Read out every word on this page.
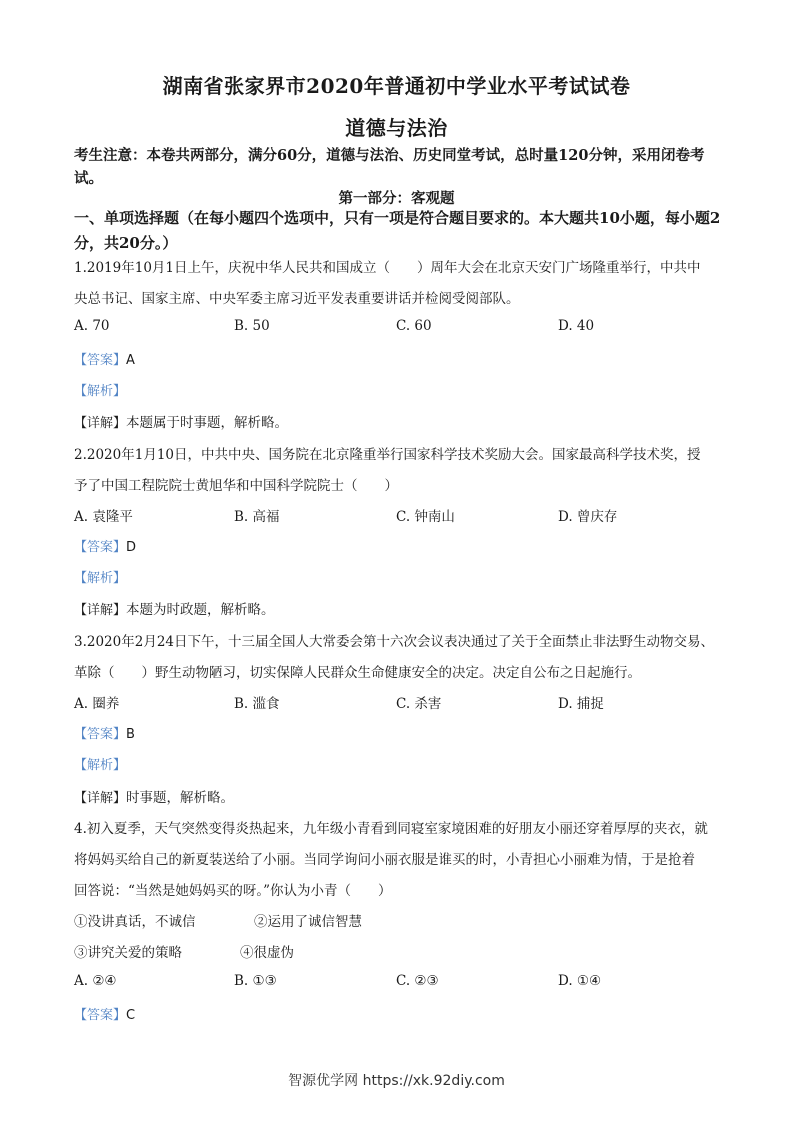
湖南省张家界市2020年普通初中学业水平考试试卷
道德与法治
考生注意：本卷共两部分，满分60分，道德与法治、历史同堂考试，总时量120分钟，采用闭卷考试。
第一部分：客观题
一、单项选择题（在每小题四个选项中，只有一项是符合题目要求的。本大题共10小题，每小题2分，共20分。）
1.2019年10月1日上午，庆祝中华人民共和国成立（　　）周年大会在北京天安门广场隆重举行，中共中
央总书记、国家主席、中央军委主席习近平发表重要讲话并检阅受阅部队。
A. 70	B. 50	C. 60	D. 40
【答案】A
【解析】
【详解】本题属于时事题，解析略。
2.2020年1月10日，中共中央、国务院在北京隆重举行国家科学技术奖励大会。国家最高科学技术奖，授
予了中国工程院院士黄旭华和中国科学院院士（　　）
A. 袁隆平	B. 高福	C. 钟南山	D. 曾庆存
【答案】D
【解析】
【详解】本题为时政题，解析略。
3.2020年2月24日下午，十三届全国人大常委会第十六次会议表决通过了关于全面禁止非法野生动物交易、
革除（　　）野生动物陋习，切实保障人民群众生命健康安全的决定。决定自公布之日起施行。
A. 圈养	B. 滥食	C. 杀害	D. 捕捉
【答案】B
【解析】
【详解】时事题，解析略。
4.初入夏季，天气突然变得炎热起来，九年级小青看到同寝室家境困难的好朋友小丽还穿着厚厚的夹衣，就
将妈妈买给自己的新夏装送给了小丽。当同学询问小丽衣服是谁买的时，小青担心小丽难为情，于是抢着
回答说：“当然是她妈妈买的呀。”你认为小青（　　）
①没讲真话，不诚信	②运用了诚信智慧
③讲究关爱的策略	④很虚伪
A. ②④	B. ①③	C. ②③	D. ①④
【答案】C
智源优学网 https://xk.92diy.com
